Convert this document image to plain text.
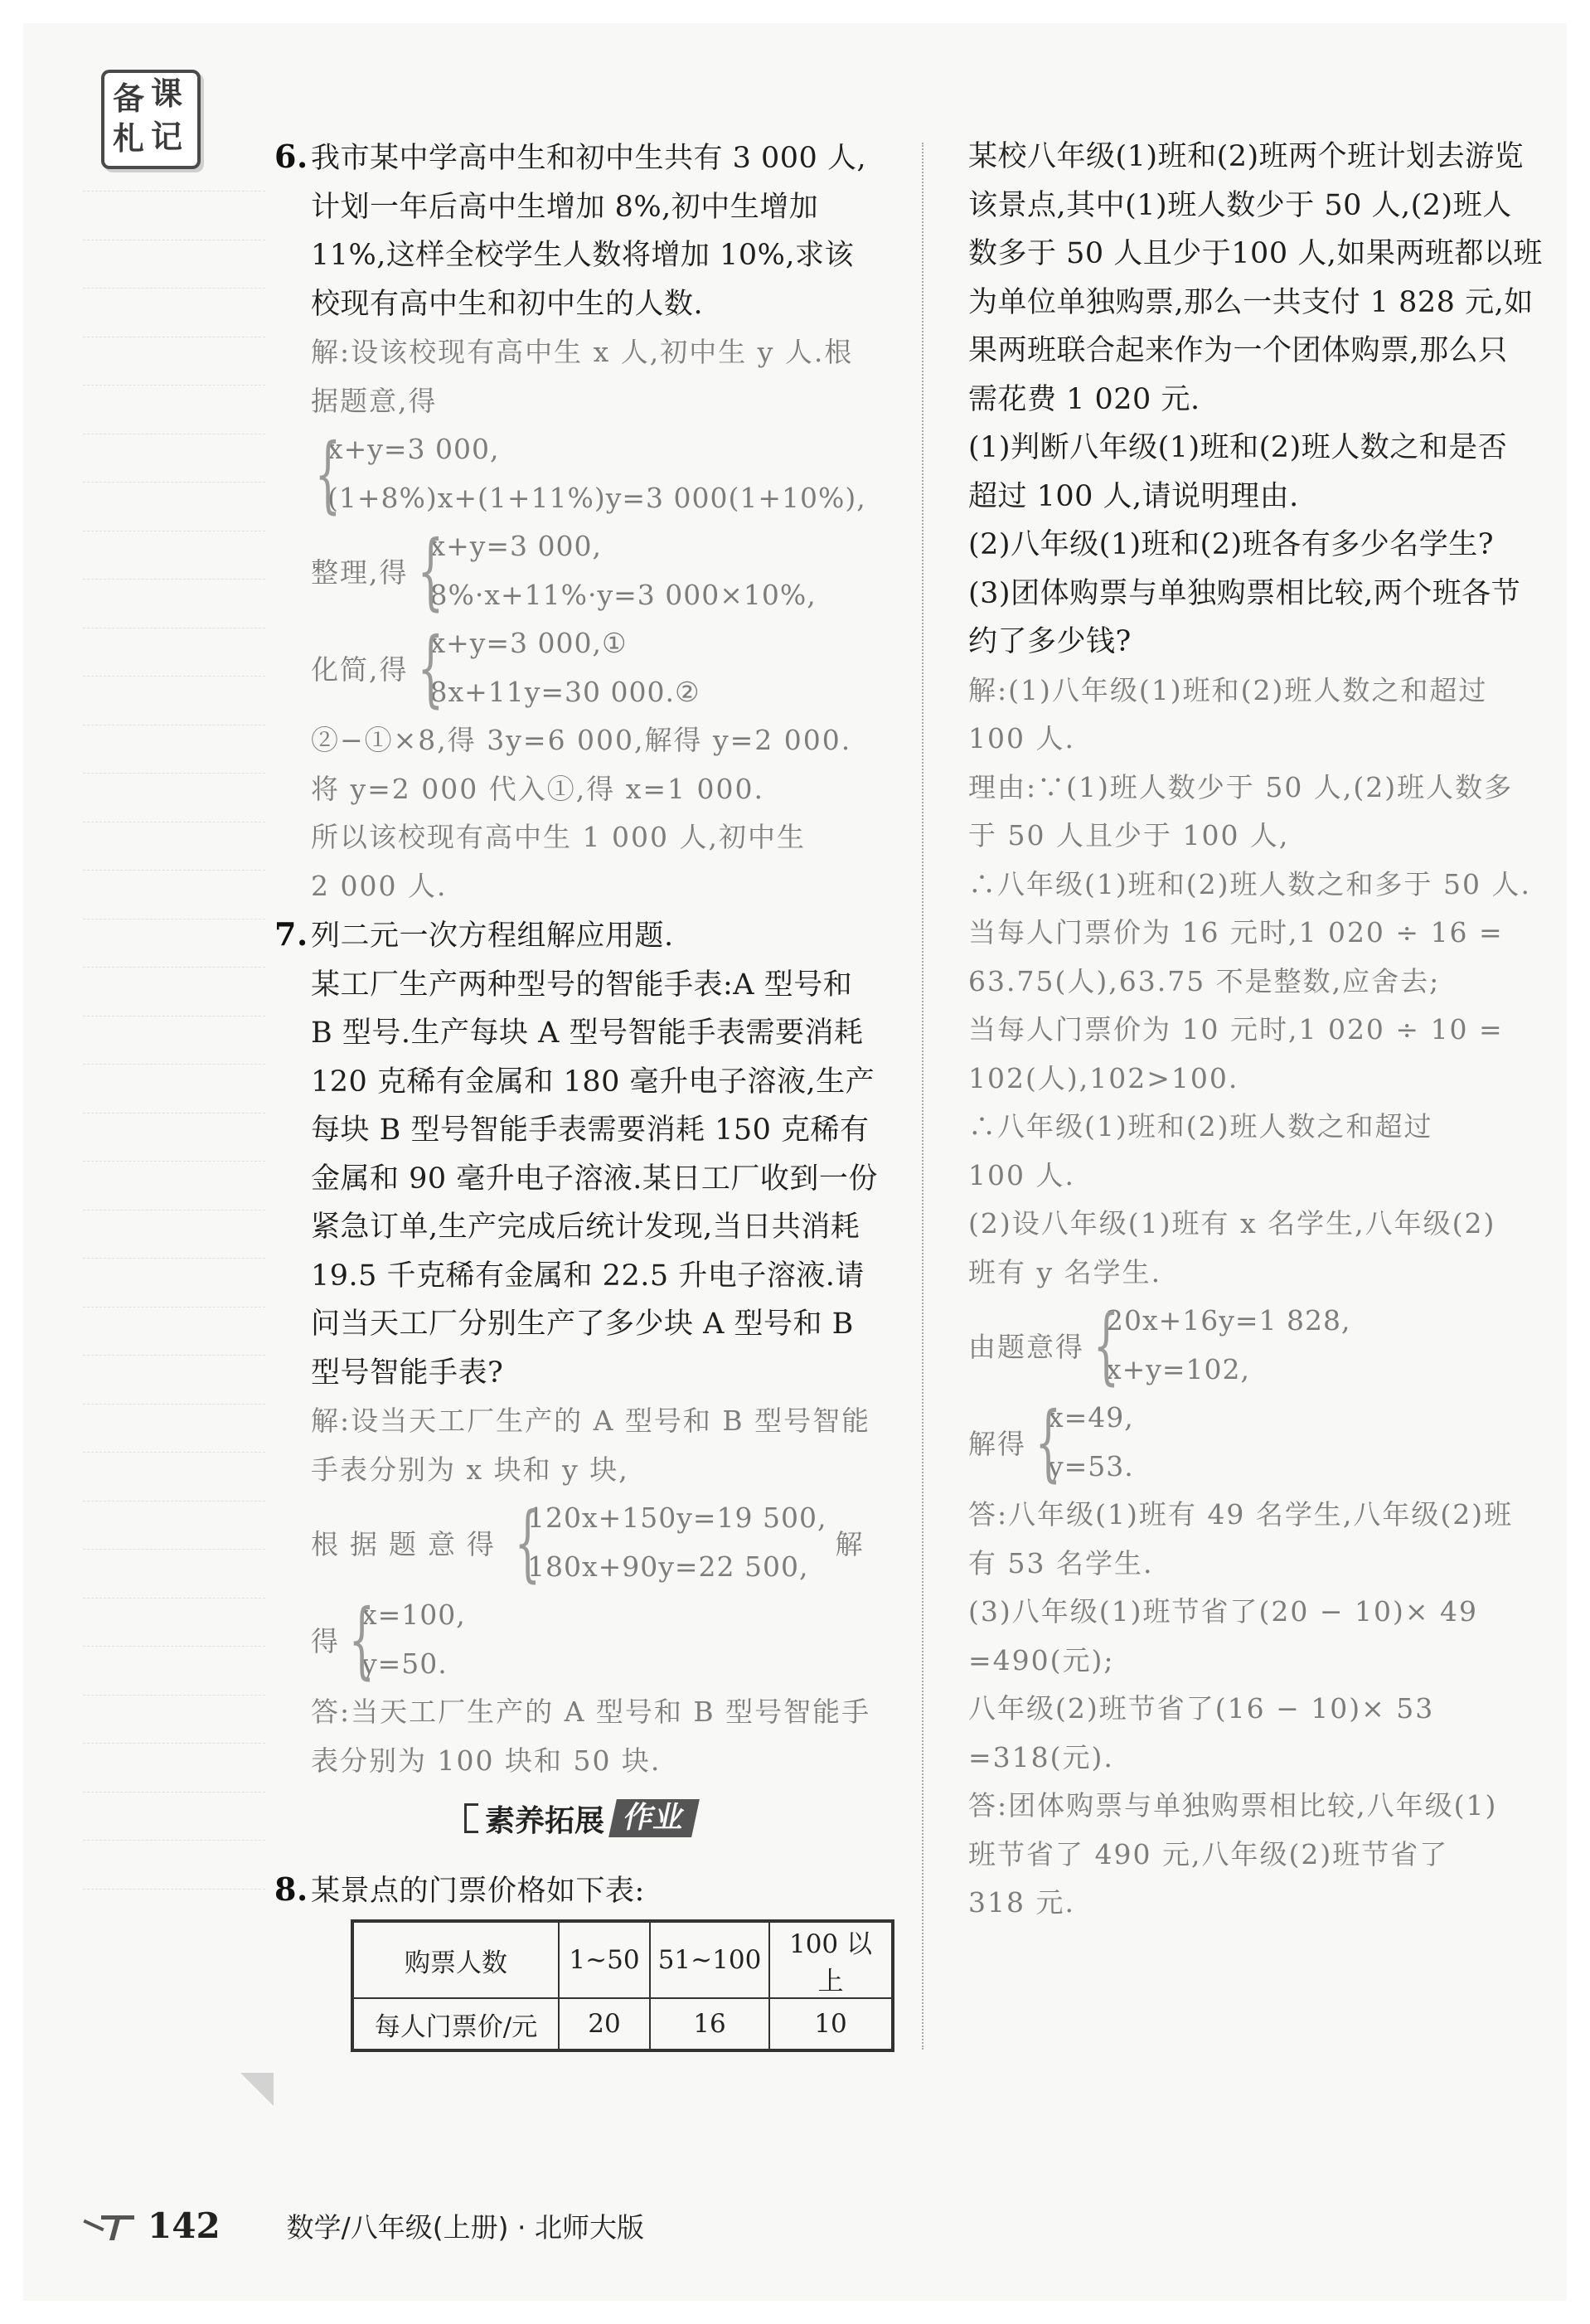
备 课
札 记
6.我市某中学高中生和初中生共有 3 000 人,
计划一年后高中生增加 8%,初中生增加
11%,这样全校学生人数将增加 10%,求该
校现有高中生和初中生的人数.
解:设该校现有高中生 x 人,初中生 y 人.根
据题意,得
{
x+y=3 000,
(1+8%)x+(1+11%)y=3 000(1+10%),
整理,得 {
x+y=3 000,
8%·x+11%·y=3 000×10%,
化简,得 {
x+y=3 000,①
8x+11y=30 000.②
②−①×8,得 3y=6 000,解得 y=2 000.
将 y=2 000 代入①,得 x=1 000.
所以该校现有高中生 1 000 人,初中生
2 000 人.
7.列二元一次方程组解应用题.
某工厂生产两种型号的智能手表:A 型号和
B 型号.生产每块 A 型号智能手表需要消耗
120 克稀有金属和 180 毫升电子溶液,生产
每块 B 型号智能手表需要消耗 150 克稀有
金属和 90 毫升电子溶液.某日工厂收到一份
紧急订单,生产完成后统计发现,当日共消耗
19.5 千克稀有金属和 22.5 升电子溶液.请
问当天工厂分别生产了多少块 A 型号和 B
型号智能手表?
解:设当天工厂生产的 A 型号和 B 型号智能
手表分别为 x 块和 y 块,
根据题意得 {
120x+150y=19 500,
180x+90y=22 500,
解
得 {
x=100,
y=50.
答:当天工厂生产的 A 型号和 B 型号智能手
表分别为 100 块和 50 块.
素养拓展 作业
8.某景点的门票价格如下表:
购票人数	1~50	51~100	100 以上
每人门票价/元	20	16	10
某校八年级(1)班和(2)班两个班计划去游览
该景点,其中(1)班人数少于 50 人,(2)班人
数多于 50 人且少于100 人,如果两班都以班
为单位单独购票,那么一共支付 1 828 元,如
果两班联合起来作为一个团体购票,那么只
需花费 1 020 元.
(1)判断八年级(1)班和(2)班人数之和是否
超过 100 人,请说明理由.
(2)八年级(1)班和(2)班各有多少名学生?
(3)团体购票与单独购票相比较,两个班各节
约了多少钱?
解:(1)八年级(1)班和(2)班人数之和超过
100 人.
理由:∵(1)班人数少于 50 人,(2)班人数多
于 50 人且少于 100 人,
∴八年级(1)班和(2)班人数之和多于 50 人.
当每人门票价为 16 元时,1 020 ÷ 16 =
63.75(人),63.75 不是整数,应舍去;
当每人门票价为 10 元时,1 020 ÷ 10 =
102(人),102>100.
∴八年级(1)班和(2)班人数之和超过
100 人.
(2)设八年级(1)班有 x 名学生,八年级(2)
班有 y 名学生.
由题意得 {
20x+16y=1 828,
x+y=102,
解得 {
x=49,
y=53.
答:八年级(1)班有 49 名学生,八年级(2)班
有 53 名学生.
(3)八年级(1)班节省了(20 − 10)× 49
=490(元);
八年级(2)班节省了(16 − 10)× 53
=318(元).
答:团体购票与单独购票相比较,八年级(1)
班节省了 490 元,八年级(2)班节省了
318 元.
142 数学/八年级(上册) · 北师大版
